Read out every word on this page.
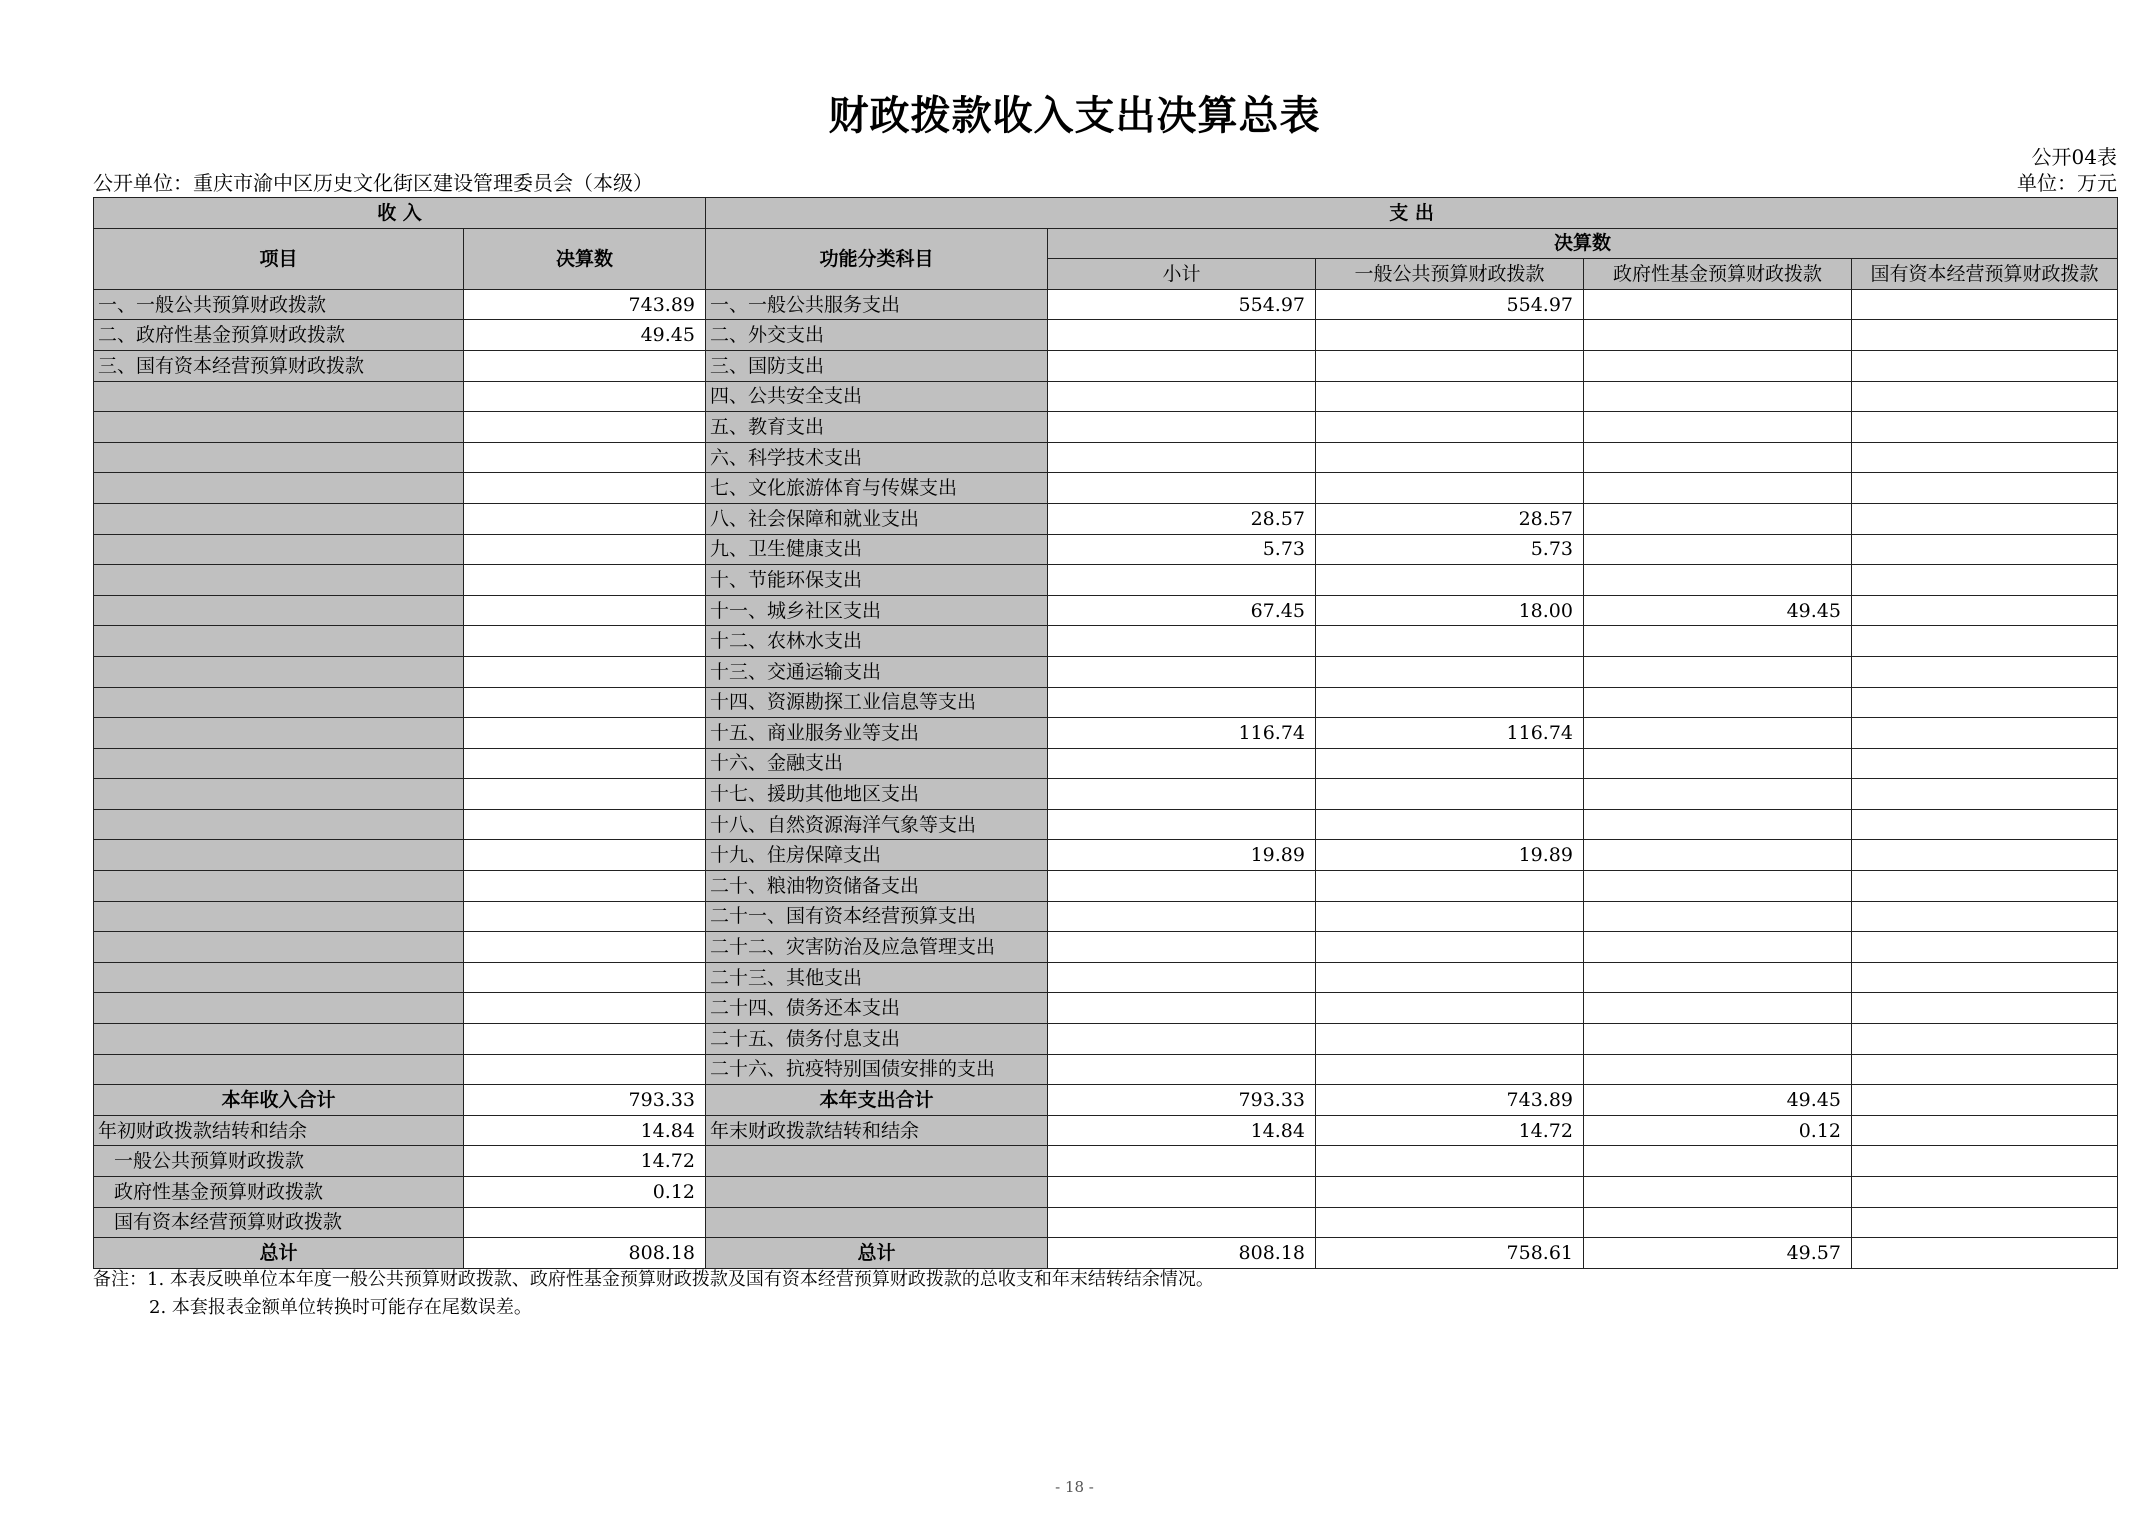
财政拨款收入支出决算总表
公开04表
公开单位：重庆市渝中区历史文化街区建设管理委员会（本级）	单位：万元
收 入		支 出				
项目	决算数	功能分类科目	决算数			
			小计	一般公共预算财政拨款	政府性基金预算财政拨款	国有资本经营预算财政拨款
一、一般公共预算财政拨款	743.89	一、一般公共服务支出	554.97	554.97		
二、政府性基金预算财政拨款	49.45	二、外交支出				
三、国有资本经营预算财政拨款		三、国防支出				
		四、公共安全支出				
		五、教育支出				
		六、科学技术支出				
		七、文化旅游体育与传媒支出				
		八、社会保障和就业支出	28.57	28.57		
		九、卫生健康支出	5.73	5.73		
		十、节能环保支出				
		十一、城乡社区支出	67.45	18.00	49.45	
		十二、农林水支出				
		十三、交通运输支出				
		十四、资源勘探工业信息等支出				
		十五、商业服务业等支出	116.74	116.74		
		十六、金融支出				
		十七、援助其他地区支出				
		十八、自然资源海洋气象等支出				
		十九、住房保障支出	19.89	19.89		
		二十、粮油物资储备支出				
		二十一、国有资本经营预算支出				
		二十二、灾害防治及应急管理支出				
		二十三、其他支出				
		二十四、债务还本支出				
		二十五、债务付息支出				
		二十六、抗疫特别国债安排的支出				
本年收入合计	793.33	本年支出合计	793.33	743.89	49.45	
年初财政拨款结转和结余	14.84	年末财政拨款结转和结余	14.84	14.72	0.12	
一般公共预算财政拨款	14.72					
政府性基金预算财政拨款	0.12					
国有资本经营预算财政拨款						
总计	808.18	总计	808.18	758.61	49.57	
备注：1. 本表反映单位本年度一般公共预算财政拨款、政府性基金预算财政拨款及国有资本经营预算财政拨款的总收支和年末结转结余情况。
2. 本套报表金额单位转换时可能存在尾数误差。
- 18 -
